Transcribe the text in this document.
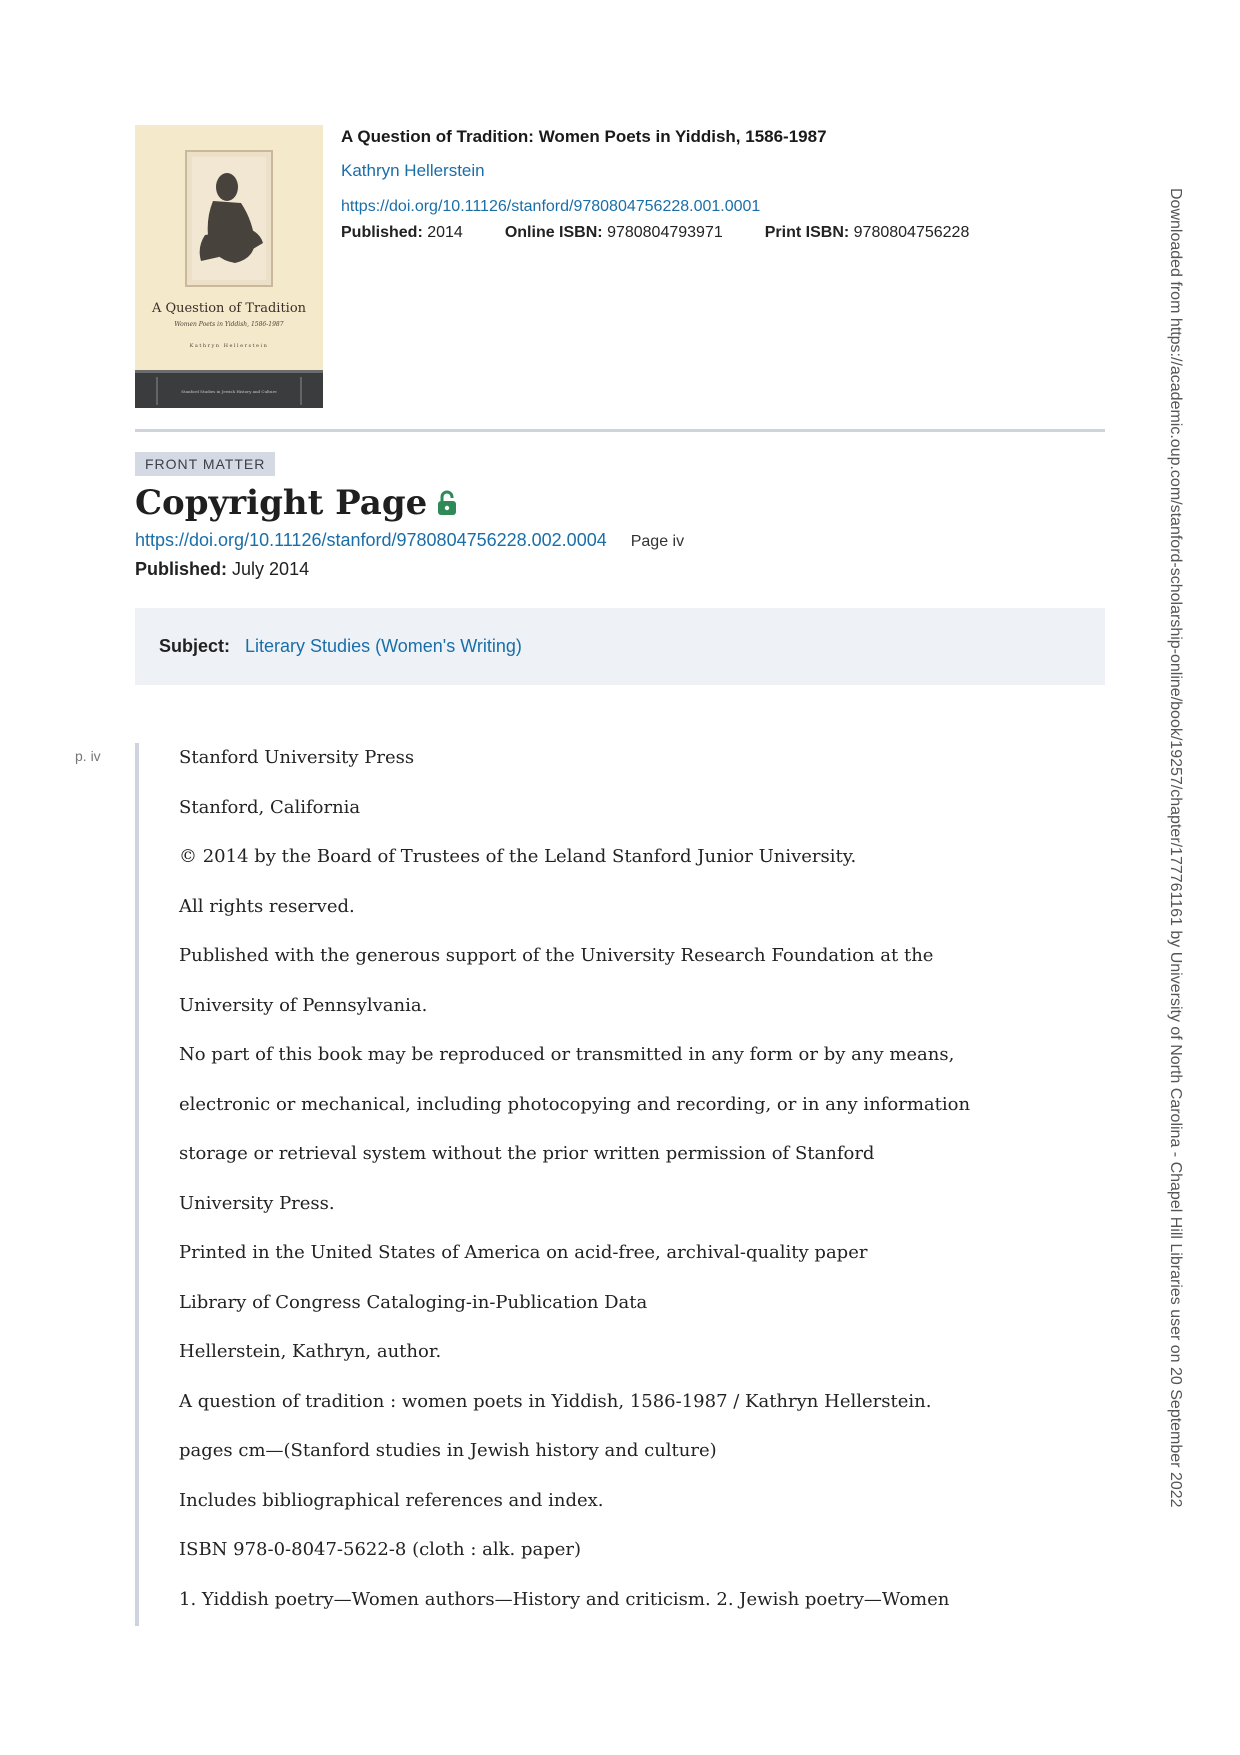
A Question of Tradition
Women Poets in Yiddish, 1586-1987
Kathryn Hellerstein
Stanford Studies in Jewish History and Culture
A Question of Tradition: Women Poets in Yiddish, 1586-1987
Kathryn Hellerstein
https://doi.org/10.11126/stanford/9780804756228.001.0001
Published: 2014	Online ISBN: 9780804793971	Print ISBN: 9780804756228
FRONT MATTER
Copyright Page
https://doi.org/10.11126/stanford/9780804756228.002.0004 Page iv
Published: July 2014
Subject: Literary Studies (Women's Writing)
p. iv	Stanford University Press

Stanford, California

© 2014 by the Board of Trustees of the Leland Stanford Junior University.

All rights reserved.

Published with the generous support of the University Research Foundation at the

University of Pennsylvania.

No part of this book may be reproduced or transmitted in any form or by any means,

electronic or mechanical, including photocopying and recording, or in any information

storage or retrieval system without the prior written permission of Stanford

University Press.

Printed in the United States of America on acid-free, archival-quality paper

Library of Congress Cataloging-in-Publication Data

Hellerstein, Kathryn, author.

A question of tradition : women poets in Yiddish, 1586-1987 / Kathryn Hellerstein.

pages cm—(Stanford studies in Jewish history and culture)

Includes bibliographical references and index.

ISBN 978-0-8047-5622-8 (cloth : alk. paper)

1. Yiddish poetry—Women authors—History and criticism. 2. Jewish poetry—Women

Downloaded from https://academic.oup.com/stanford-scholarship-online/book/19257/chapter/177761161 by University of North Carolina - Chapel Hill Libraries user on 20 September 2022
